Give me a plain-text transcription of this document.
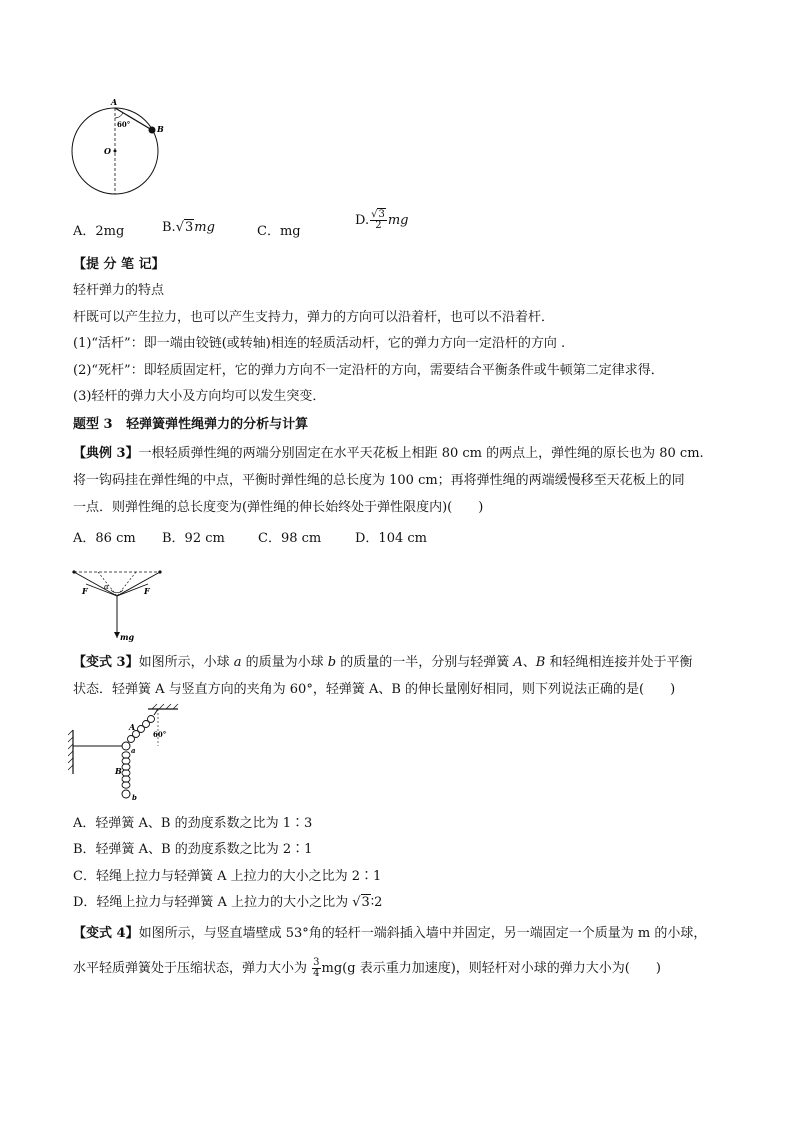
A
B
O
60°
A．2mg	B.√3mg	C．mg
D. $\frac{√3}{2}$ mg
【提 分 笔 记】
轻杆弹力的特点
杆既可以产生拉力，也可以产生支持力，弹力的方向可以沿着杆，也可以不沿着杆．
(1)“活杆”：即一端由铰链(或转轴)相连的轻质活动杆，它的弹力方向一定沿杆的方向 .
(2)“死杆”：即轻质固定杆，它的弹力方向不一定沿杆的方向，需要结合平衡条件或牛顿第二定律求得．
(3)轻杆的弹力大小及方向均可以发生突变．
题型 3 轻弹簧弹性绳弹力的分析与计算
【典例 3】一根轻质弹性绳的两端分别固定在水平天花板上相距 80 cm 的两点上，弹性绳的原长也为 80 cm.
将一钩码挂在弹性绳的中点，平衡时弹性绳的总长度为 100 cm；再将弹性绳的两端缓慢移至天花板上的同
一点．则弹性绳的总长度变为(弹性绳的伸长始终处于弹性限度内)(　　)
A．86 cm B．92 cm	C．98 cm	D．104 cm
F	F
α
mg
【变式 3】如图所示，小球 a 的质量为小球 b 的质量的一半，分别与轻弹簧 A、B 和轻绳相连接并处于平衡
状态．轻弹簧 A 与竖直方向的夹角为 60°，轻弹簧 A、B 的伸长量刚好相同，则下列说法正确的是(　　)
A
B
a
b
60°
A．轻弹簧 A、B 的劲度系数之比为 1∶3
B．轻弹簧 A、B 的劲度系数之比为 2∶1
C．轻绳上拉力与轻弹簧 A 上拉力的大小之比为 2∶1
D．轻绳上拉力与轻弹簧 A 上拉力的大小之比为 √3∶2
【变式 4】如图所示，与竖直墙壁成 53°角的轻杆一端斜插入墙中并固定，另一端固定一个质量为 m 的小球，
水平轻质弹簧处于压缩状态，弹力大小为 $\frac{3}{4} mg(g$ 表示重力加速度)，则轻杆对小球的弹力大小为(　　)
